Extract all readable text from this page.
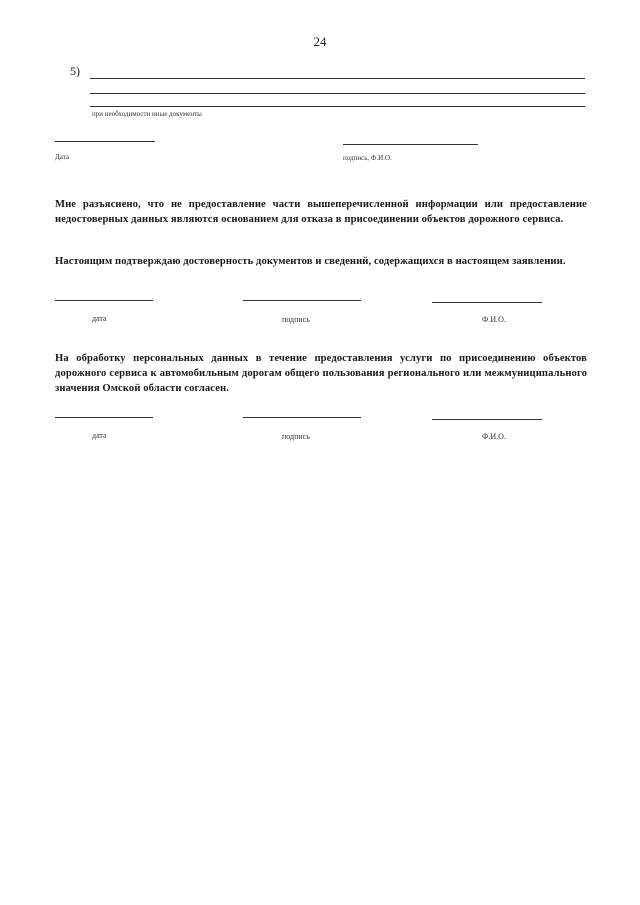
24
5)
при необходимости иные документы
Дата	подпись, Ф.И.О.
Мне разъяснено, что не предоставление части вышеперечисленной информации или предоставление недостоверных данных являются основанием для отказа в присоединении объектов дорожного сервиса.
Настоящим подтверждаю достоверность документов и сведений, содержащихся в настоящем заявлении.
дата	подпись	Ф.И.О.
На обработку персональных данных в течение предоставления услуги по присоединению объектов дорожного сервиса к автомобильным дорогам общего пользования регионального или межмуниципального значения Омской области согласен.
дата	подпись	Ф.И.О.
